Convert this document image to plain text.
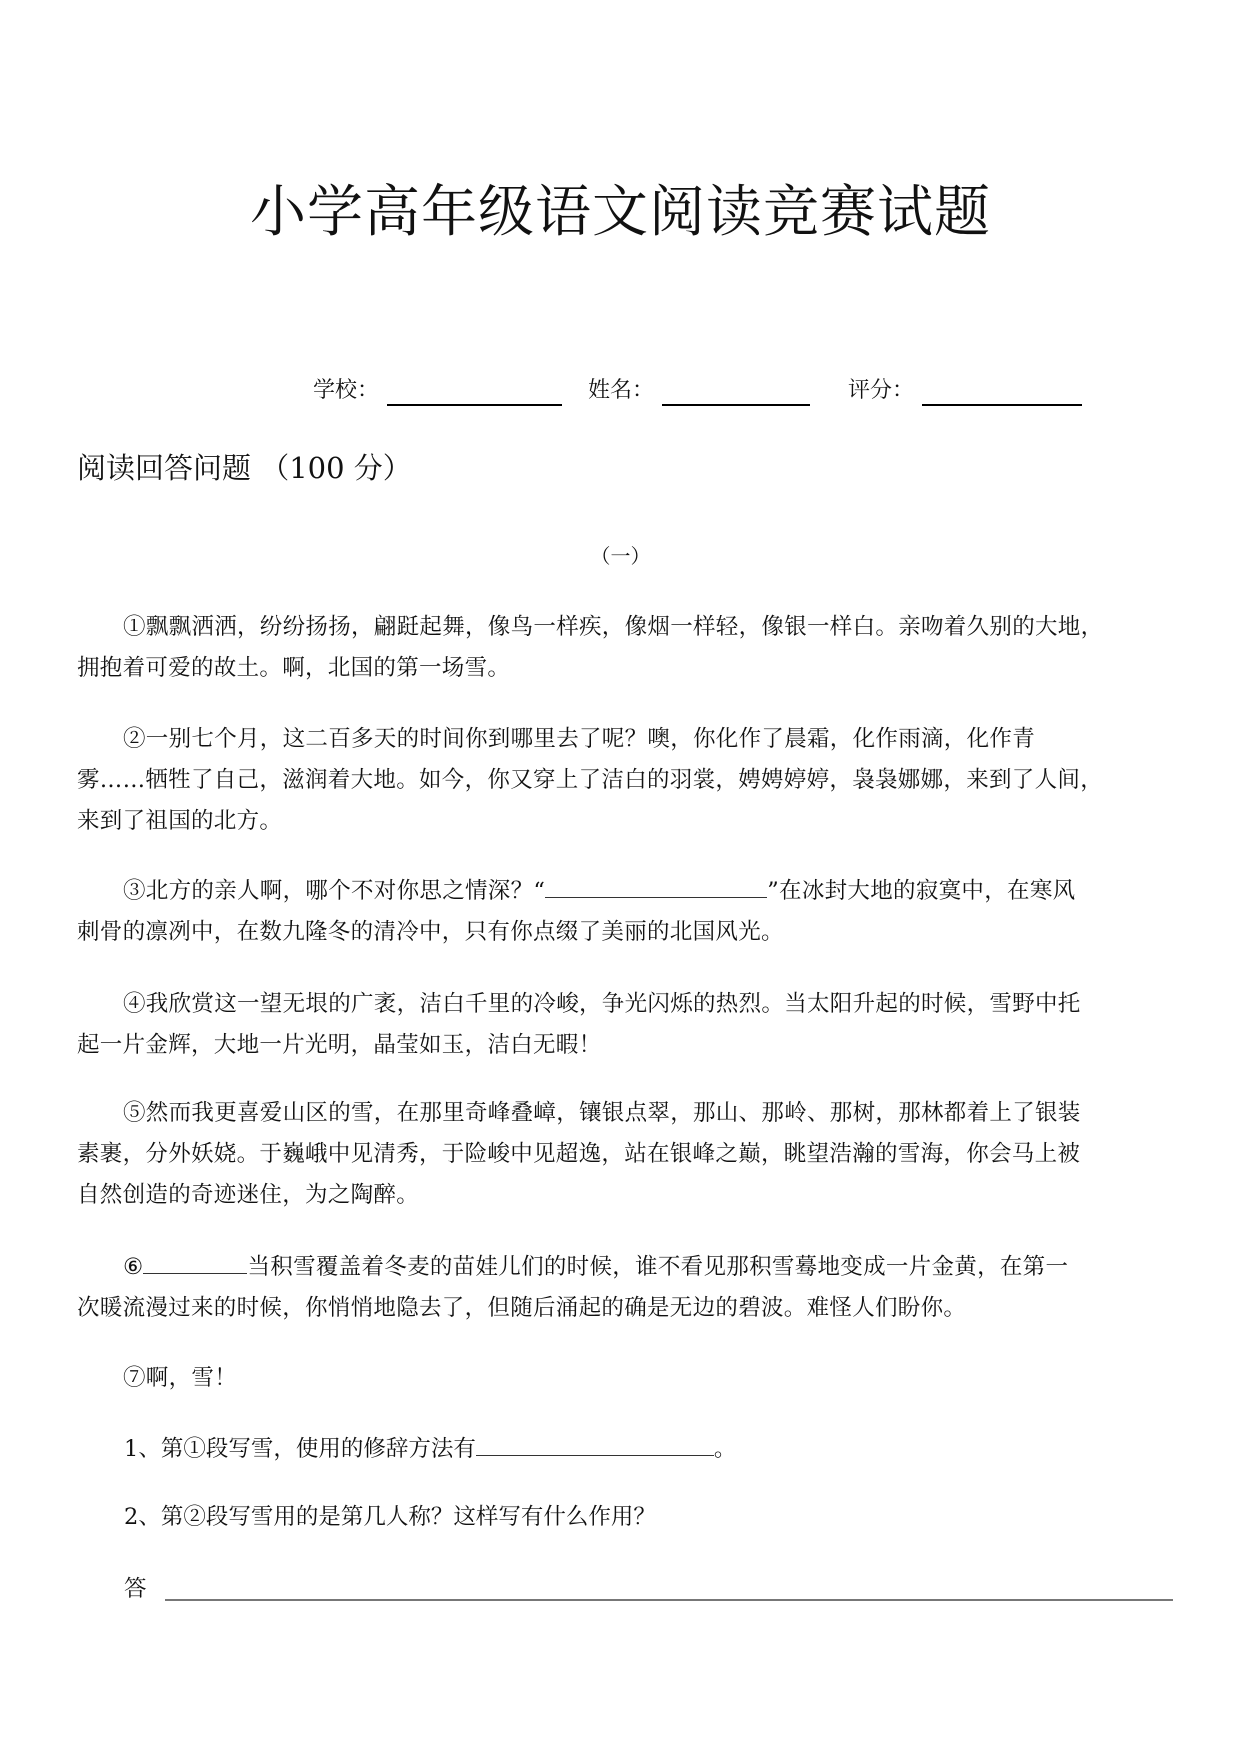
小学高年级语文阅读竞赛试题
学校：	姓名：	评分：
阅读回答问题 （100 分）
（一）
①飘飘洒洒，纷纷扬扬，翩跹起舞，像鸟一样疾，像烟一样轻，像银一样白。亲吻着久别的大地，
拥抱着可爱的故土。啊，北国的第一场雪。
②一别七个月，这二百多天的时间你到哪里去了呢？噢，你化作了晨霜，化作雨滴，化作青
雾……牺牲了自己，滋润着大地。如今，你又穿上了洁白的羽裳，娉娉婷婷，袅袅娜娜，来到了人间，
来到了祖国的北方。
③北方的亲人啊，哪个不对你思之情深？“	”在冰封大地的寂寞中，在寒风
刺骨的凛冽中，在数九隆冬的清冷中，只有你点缀了美丽的北国风光。
④我欣赏这一望无垠的广袤，洁白千里的冷峻，争光闪烁的热烈。当太阳升起的时候，雪野中托
起一片金辉，大地一片光明，晶莹如玉，洁白无暇！
⑤然而我更喜爱山区的雪，在那里奇峰叠嶂，镶银点翠，那山、那岭、那树，那林都着上了银装
素裹，分外妖娆。于巍峨中见清秀，于险峻中见超逸，站在银峰之巅，眺望浩瀚的雪海，你会马上被
自然创造的奇迹迷住，为之陶醉。
⑥	当积雪覆盖着冬麦的苗娃儿们的时候，谁不看见那积雪蓦地变成一片金黄，在第一
次暖流漫过来的时候，你悄悄地隐去了，但随后涌起的确是无边的碧波。难怪人们盼你。
⑦啊，雪！
1、第①段写雪，使用的修辞方法有	。
2、第②段写雪用的是第几人称？这样写有什么作用？
答
